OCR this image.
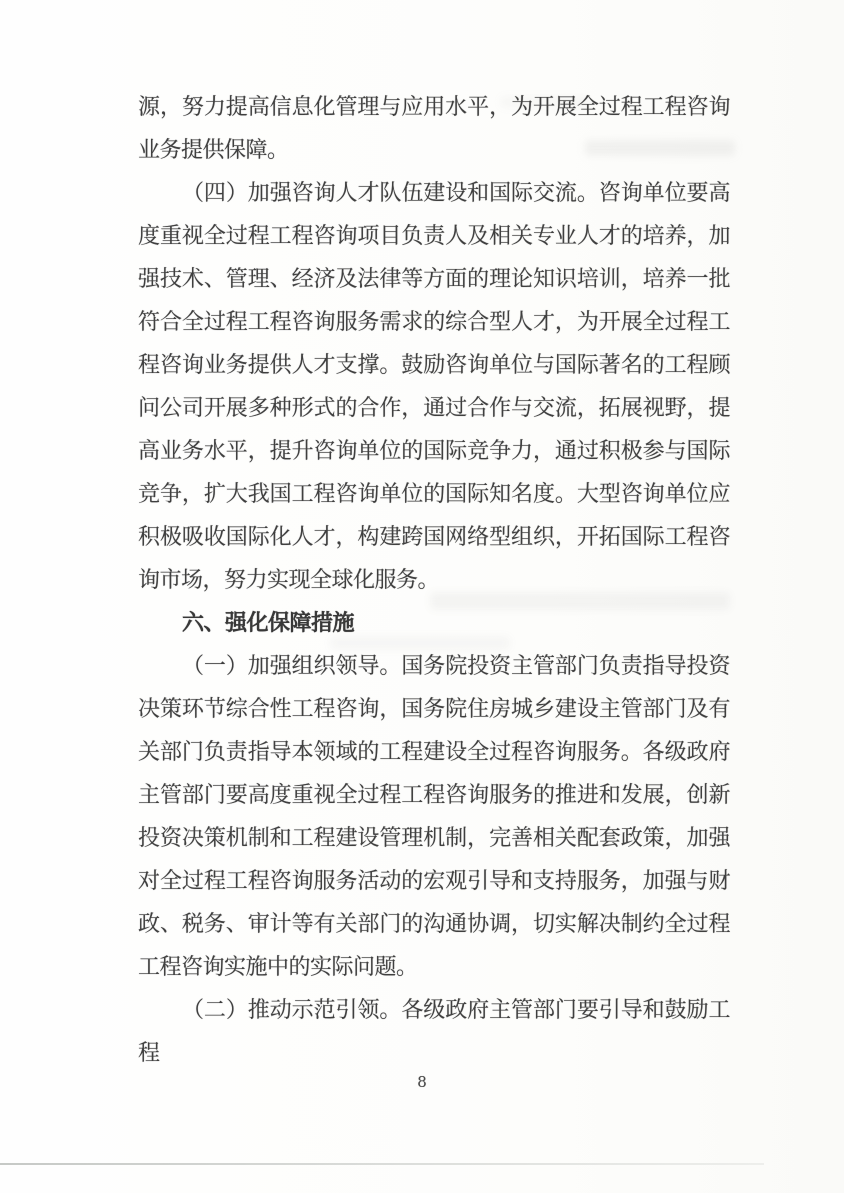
源，努力提高信息化管理与应用水平，为开展全过程工程咨询业务提供保障。

（四）加强咨询人才队伍建设和国际交流。咨询单位要高度重视全过程工程咨询项目负责人及相关专业人才的培养，加强技术、管理、经济及法律等方面的理论知识培训，培养一批符合全过程工程咨询服务需求的综合型人才，为开展全过程工程咨询业务提供人才支撑。鼓励咨询单位与国际著名的工程顾问公司开展多种形式的合作，通过合作与交流，拓展视野，提高业务水平，提升咨询单位的国际竞争力，通过积极参与国际竞争，扩大我国工程咨询单位的国际知名度。大型咨询单位应积极吸收国际化人才，构建跨国网络型组织，开拓国际工程咨询市场，努力实现全球化服务。

六、强化保障措施

（一）加强组织领导。国务院投资主管部门负责指导投资决策环节综合性工程咨询，国务院住房城乡建设主管部门及有关部门负责指导本领域的工程建设全过程咨询服务。各级政府主管部门要高度重视全过程工程咨询服务的推进和发展，创新投资决策机制和工程建设管理机制，完善相关配套政策，加强对全过程工程咨询服务活动的宏观引导和支持服务，加强与财政、税务、审计等有关部门的沟通协调，切实解决制约全过程工程咨询实施中的实际问题。

（二）推动示范引领。各级政府主管部门要引导和鼓励工程

8
